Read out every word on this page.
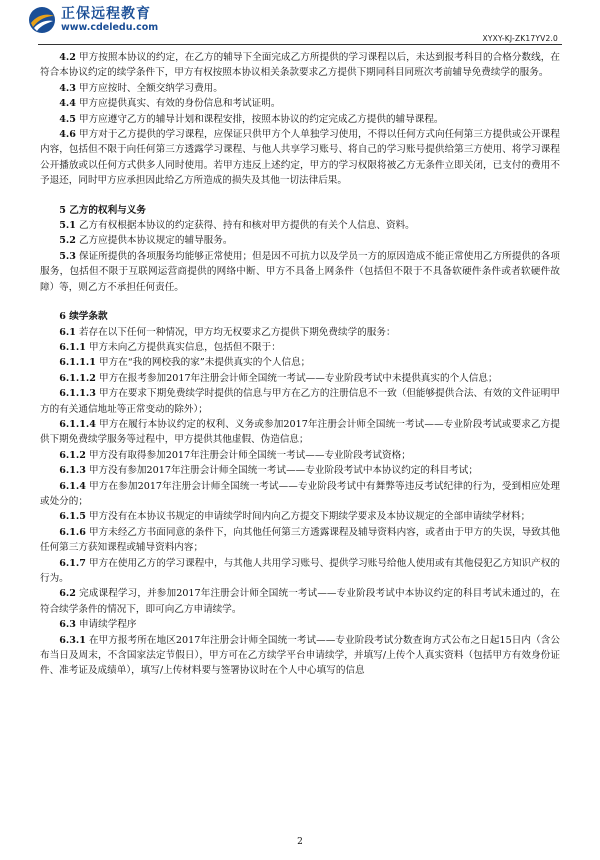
正保远程教育
www.cdeledu.com
XYXY-KJ-ZK17YV2.0

4.2 甲方按照本协议的约定，在乙方的辅导下全面完成乙方所提供的学习课程以后，未达到报考科目的合格分数线，在符合本协议约定的续学条件下，甲方有权按照本协议相关条款要求乙方提供下期同科目同班次考前辅导免费续学的服务。

4.3 甲方应按时、全额交纳学习费用。

4.4 甲方应提供真实、有效的身份信息和考试证明。

4.5 甲方应遵守乙方的辅导计划和课程安排，按照本协议的约定完成乙方提供的辅导课程。

4.6 甲方对于乙方提供的学习课程，应保证只供甲方个人单独学习使用，不得以任何方式向任何第三方提供或公开课程内容，包括但不限于向任何第三方透露学习课程、与他人共享学习账号、将自己的学习账号提供给第三方使用、将学习课程公开播放或以任何方式供多人同时使用。若甲方违反上述约定，甲方的学习权限将被乙方无条件立即关闭，已支付的费用不予退还，同时甲方应承担因此给乙方所造成的损失及其他一切法律后果。

5 乙方的权利与义务

5.1 乙方有权根据本协议的约定获得、持有和核对甲方提供的有关个人信息、资料。

5.2 乙方应提供本协议规定的辅导服务。

5.3 保证所提供的各项服务均能够正常使用；但是因不可抗力以及学员一方的原因造成不能正常使用乙方所提供的各项服务，包括但不限于互联网运营商提供的网络中断、甲方不具备上网条件（包括但不限于不具备软硬件条件或者软硬件故障）等，则乙方不承担任何责任。

6 续学条款

6.1 若存在以下任何一种情况，甲方均无权要求乙方提供下期免费续学的服务：

6.1.1 甲方未向乙方提供真实信息，包括但不限于：

6.1.1.1 甲方在“我的网校我的家”未提供真实的个人信息；

6.1.1.2 甲方在报考参加2017年注册会计师全国统一考试——专业阶段考试中未提供真实的个人信息；

6.1.1.3 甲方在要求下期免费续学时提供的信息与甲方在乙方的注册信息不一致（但能够提供合法、有效的文件证明甲方的有关通信地址等正常变动的除外）；

6.1.1.4 甲方在履行本协议约定的权利、义务或参加2017年注册会计师全国统一考试——专业阶段考试或要求乙方提供下期免费续学服务等过程中，甲方提供其他虚假、伪造信息；

6.1.2 甲方没有取得参加2017年注册会计师全国统一考试——专业阶段考试资格；

6.1.3 甲方没有参加2017年注册会计师全国统一考试——专业阶段考试中本协议约定的科目考试；

6.1.4 甲方在参加2017年注册会计师全国统一考试——专业阶段考试中有舞弊等违反考试纪律的行为，受到相应处理或处分的；

6.1.5 甲方没有在本协议书规定的申请续学时间内向乙方提交下期续学要求及本协议规定的全部申请续学材料；

6.1.6 甲方未经乙方书面同意的条件下，向其他任何第三方透露课程及辅导资料内容，或者由于甲方的失误，导致其他任何第三方获知课程或辅导资料内容；

6.1.7 甲方在使用乙方的学习课程中，与其他人共用学习账号、提供学习账号给他人使用或有其他侵犯乙方知识产权的行为。

6.2 完成课程学习，并参加2017年注册会计师全国统一考试——专业阶段考试中本协议约定的科目考试未通过的，在符合续学条件的情况下，即可向乙方申请续学。

6.3 申请续学程序

6.3.1 在甲方报考所在地区2017年注册会计师全国统一考试——专业阶段考试分数查询方式公布之日起15日内（含公布当日及周末，不含国家法定节假日），甲方可在乙方续学平台申请续学，并填写/上传个人真实资料（包括甲方有效身份证件、准考证及成绩单），填写/上传材料要与签署协议时在个人中心填写的信息

2
